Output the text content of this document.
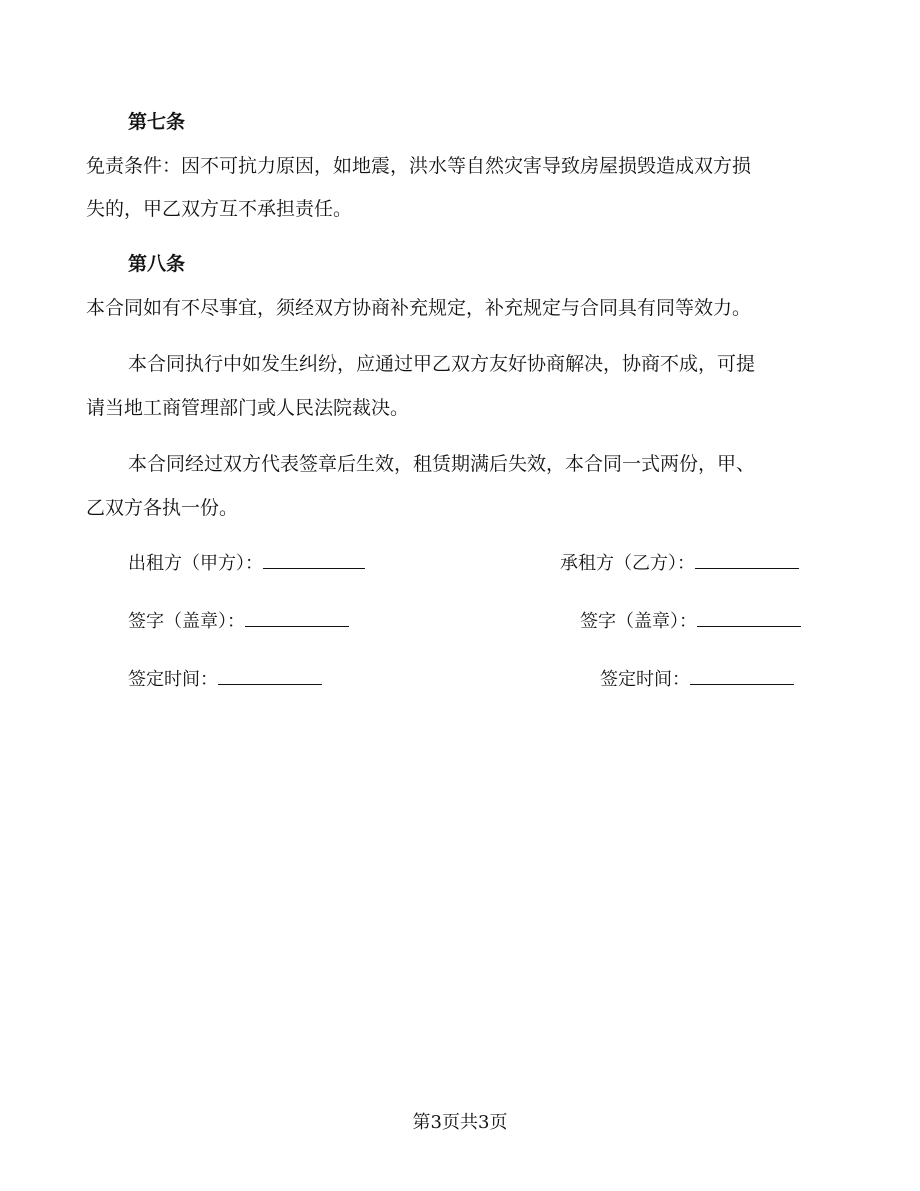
第七条
免责条件：因不可抗力原因，如地震，洪水等自然灾害导致房屋损毁造成双方损
失的，甲乙双方互不承担责任。
第八条
本合同如有不尽事宜，须经双方协商补充规定，补充规定与合同具有同等效力。
本合同执行中如发生纠纷，应通过甲乙双方友好协商解决，协商不成，可提
请当地工商管理部门或人民法院裁决。
本合同经过双方代表签章后生效，租赁期满后失效，本合同一式两份，甲、
乙双方各执一份。
出租方（甲方）：	承租方（乙方）：
签字（盖章）：	签字（盖章）：
签定时间：	签定时间：
第3页共3页
